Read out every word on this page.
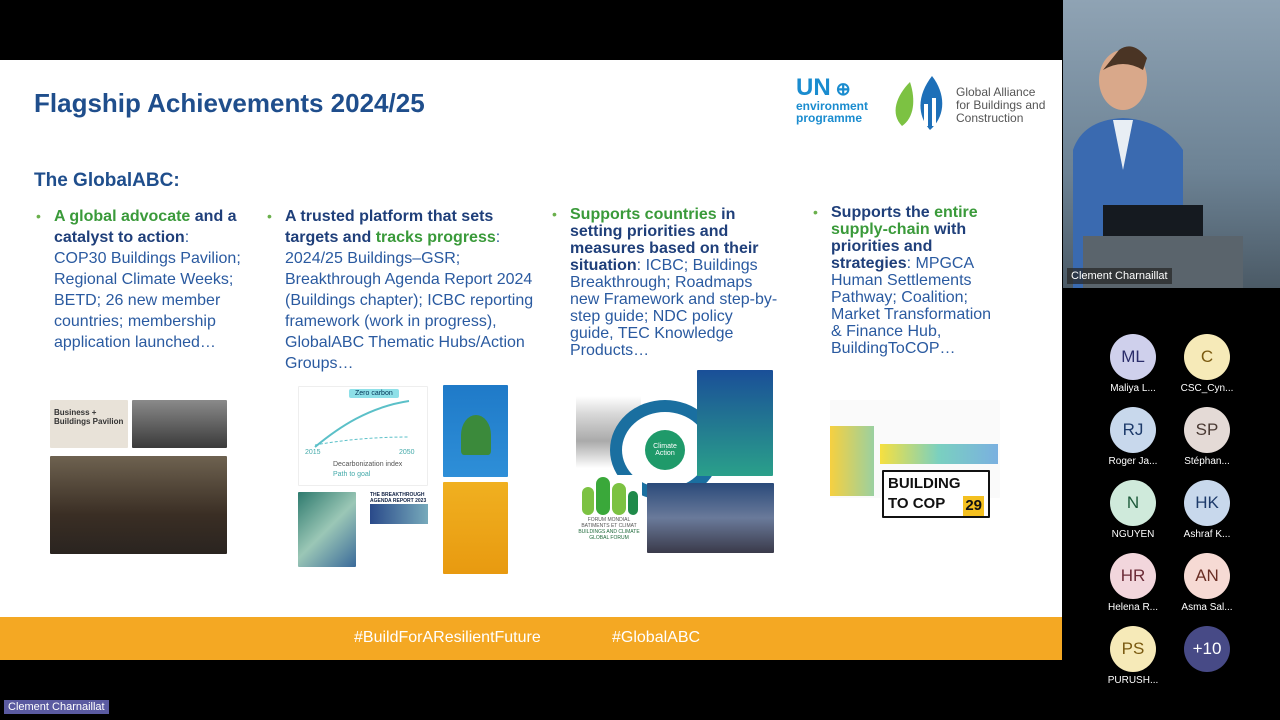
Flagship Achievements 2024/25
UN ⊕
environment
programme
Global Alliance
for Buildings and
Construction
The GlobalABC:
• A global advocate and a catalyst to action: COP30 Buildings Pavilion; Regional Climate Weeks; BETD; 26 new member countries; membership application launched…
• A trusted platform that sets targets and tracks progress: 2024/25 Buildings–GSR; Breakthrough Agenda Report 2024 (Buildings chapter); ICBC reporting framework (work in progress), GlobalABC Thematic Hubs/Action Groups…
• Supports countries in setting priorities and measures based on their situation: ICBC; Buildings Breakthrough; Roadmaps new Framework and step-by-step guide; NDC policy guide, TEC Knowledge Products…
• Supports the entire supply-chain with priorities and strategies: MPGCA Human Settlements Pathway; Coalition; Market Transformation & Finance Hub, BuildingToCOP…
Business + Buildings Pavilion
Zero carbon
2015	2050
Decarbonization index
Path to goal
THE BREAKTHROUGH AGENDA REPORT 2023
Climate Action
FORUM MONDIAL BATIMENTS ET CLIMAT
BUILDINGS AND CLIMATE GLOBAL FORUM
BUILDING TO COP	29
#BuildForAResilientFuture	#GlobalABC
Clement Charnaillat
ML
Maliya L...
C
CSC_Cyn...
RJ
Roger Ja...
SP
Stéphan...
N
NGUYEN
HK
Ashraf K...
HR
Helena R...
AN
Asma Sal...
PS
PURUSH...
+10
Clement Charnaillat
